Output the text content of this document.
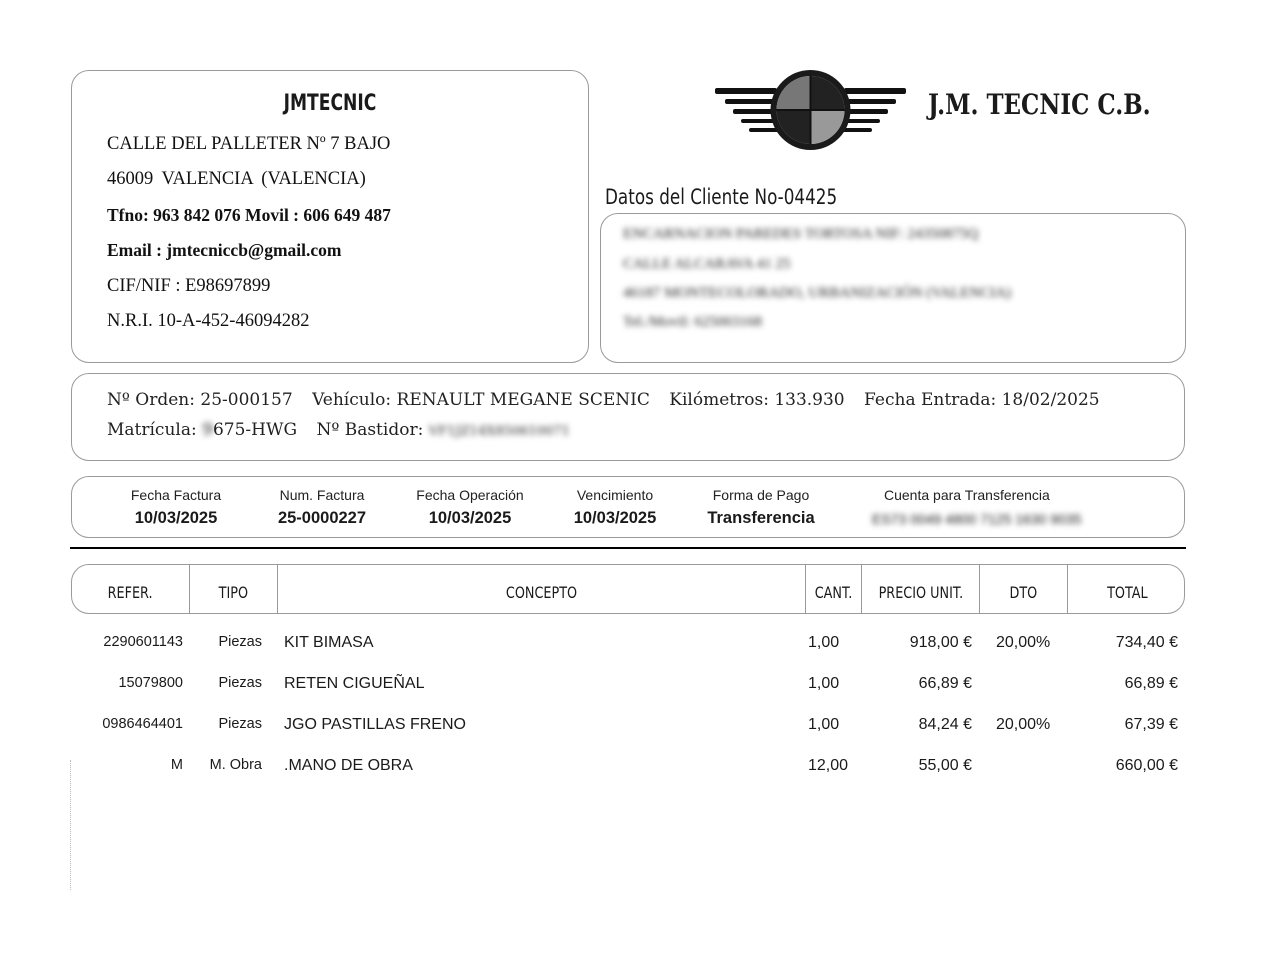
JMTECNIC
CALLE DEL PALLETER Nº 7 BAJO
46009 VALENCIA (VALENCIA)
Tfno: 963 842 076 Movil : 606 649 487
Email : jmtecniccb@gmail.com
CIF/NIF : E98697899
N.R.I. 10-A-452-46094282
J.M. TECNIC C.B.
Datos del Cliente No-04425
ENCARNACION PAREDES TORTOSA NIF: 24350875Q
CALLE ALCARAVA 41 25
46187 MONTECOLORADO, URBANIZACIÓN (VALENCIA)
Tel./Movil: 625003168
Nº Orden: 25-000157 Vehículo: RENAULT MEGANE SCENIC Kilómetros: 133.930 Fecha Entrada: 18/02/2025
Matrícula: 9675-HWG Nº Bastidor: VF1JZ14X850610071
Fecha Factura
10/03/2025
Num. Factura
25-0000227
Fecha Operación
10/03/2025
Vencimiento
10/03/2025
Forma de Pago
Transferencia
Cuenta para Transferencia
ES73 0049 4800 7125 1630 9035
REFER.	TIPO	CONCEPTO	CANT.	PRECIO UNIT.	DTO	TOTAL
2290601143	Piezas KIT BIMASA	1,00	918,00 € 20,00%	734,40 €
15079800	Piezas RETEN CIGUEÑAL	1,00	66,89 €	66,89 €
0986464401	Piezas JGO PASTILLAS FRENO	1,00	84,24 € 20,00%	67,39 €
M	M. Obra .MANO DE OBRA	12,00	55,00 €	660,00 €
